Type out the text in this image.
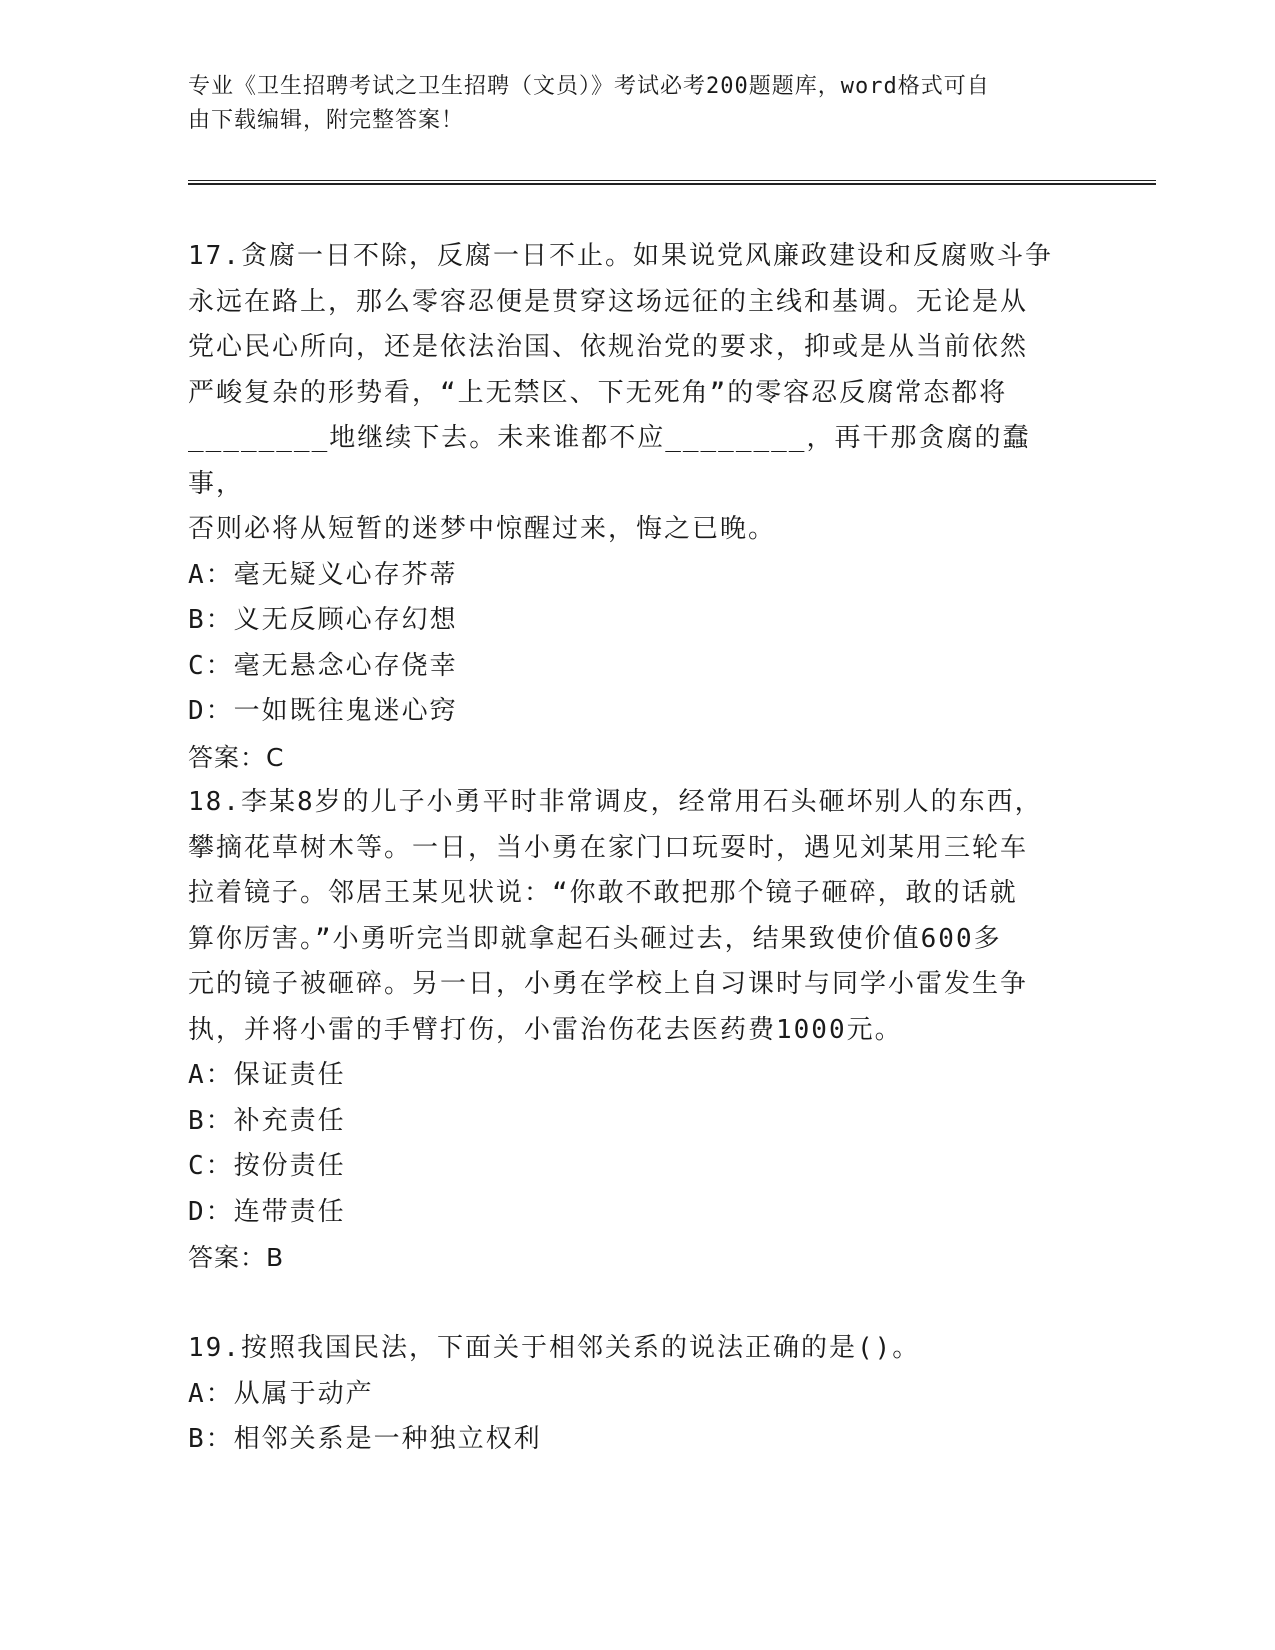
专业《卫生招聘考试之卫生招聘（文员）》考试必考200题题库，word格式可自
由下载编辑，附完整答案！
17.贪腐一日不除，反腐一日不止。如果说党风廉政建设和反腐败斗争
永远在路上，那么零容忍便是贯穿这场远征的主线和基调。无论是从
党心民心所向，还是依法治国、依规治党的要求，抑或是从当前依然
严峻复杂的形势看，“上无禁区、下无死角”的零容忍反腐常态都将
________地继续下去。未来谁都不应________，再干那贪腐的蠢事，
否则必将从短暂的迷梦中惊醒过来，悔之已晚。
A：毫无疑义心存芥蒂
B：义无反顾心存幻想
C：毫无悬念心存侥幸
D：一如既往鬼迷心窍
答案：C
18.李某8岁的儿子小勇平时非常调皮，经常用石头砸坏别人的东西，
攀摘花草树木等。一日，当小勇在家门口玩耍时，遇见刘某用三轮车
拉着镜子。邻居王某见状说：“你敢不敢把那个镜子砸碎，敢的话就
算你厉害。”小勇听完当即就拿起石头砸过去，结果致使价值600多
元的镜子被砸碎。另一日，小勇在学校上自习课时与同学小雷发生争
执，并将小雷的手臂打伤，小雷治伤花去医药费1000元。
A：保证责任
B：补充责任
C：按份责任
D：连带责任
答案：B
19.按照我国民法，下面关于相邻关系的说法正确的是()。
A：从属于动产
B：相邻关系是一种独立权利
